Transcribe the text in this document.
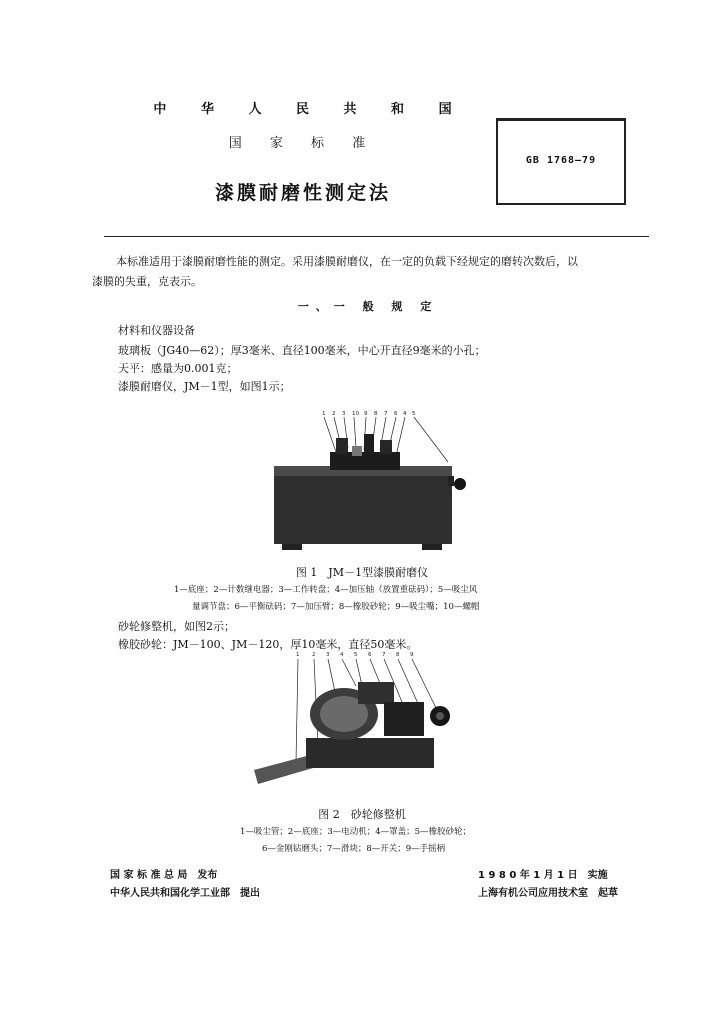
中 华 人 民 共 和 国
国 家 标 准
漆膜耐磨性测定法
GB 1768—79
本标准适用于漆膜耐磨性能的测定。采用漆膜耐磨仪，在一定的负载下经规定的磨转次数后，以
漆膜的失重，克表示。
一、一 般 规 定
材料和仪器设备
玻璃板（JG40—62）；厚3毫米、直径100毫米，中心开直径9毫米的小孔；
天平：感量为0.001克；
漆膜耐磨仪，JM－1型，如图1示；
1 2 3 10 9 8 7 6 4 5
图 1　JM－1型漆膜耐磨仪
1—底座；2—计数继电器；3—工作转盘；4—加压轴（放置重砝码）；5—吸尘风
量调节盘；6—平衡砝码；7—加压臂；8—橡胶砂轮；9—吸尘嘴；10—螺帽
砂轮修整机，如图2示；
橡胶砂轮：JM－100、JM－120，厚10毫米，直径50毫米。
1 2 3 4 5 6 7 8 9
图 2　砂轮修整机
1—吸尘管；2—底座；3—电动机；4—罩盖；5—橡胶砂轮；
6—金刚钻磨头；7—滑块；8—开关；9—手摇柄
国 家 标 准 总 局　发布
中华人民共和国化学工业部　提出
1 9 8 0 年 1 月 1 日　实施
上海有机公司应用技术室　起草
